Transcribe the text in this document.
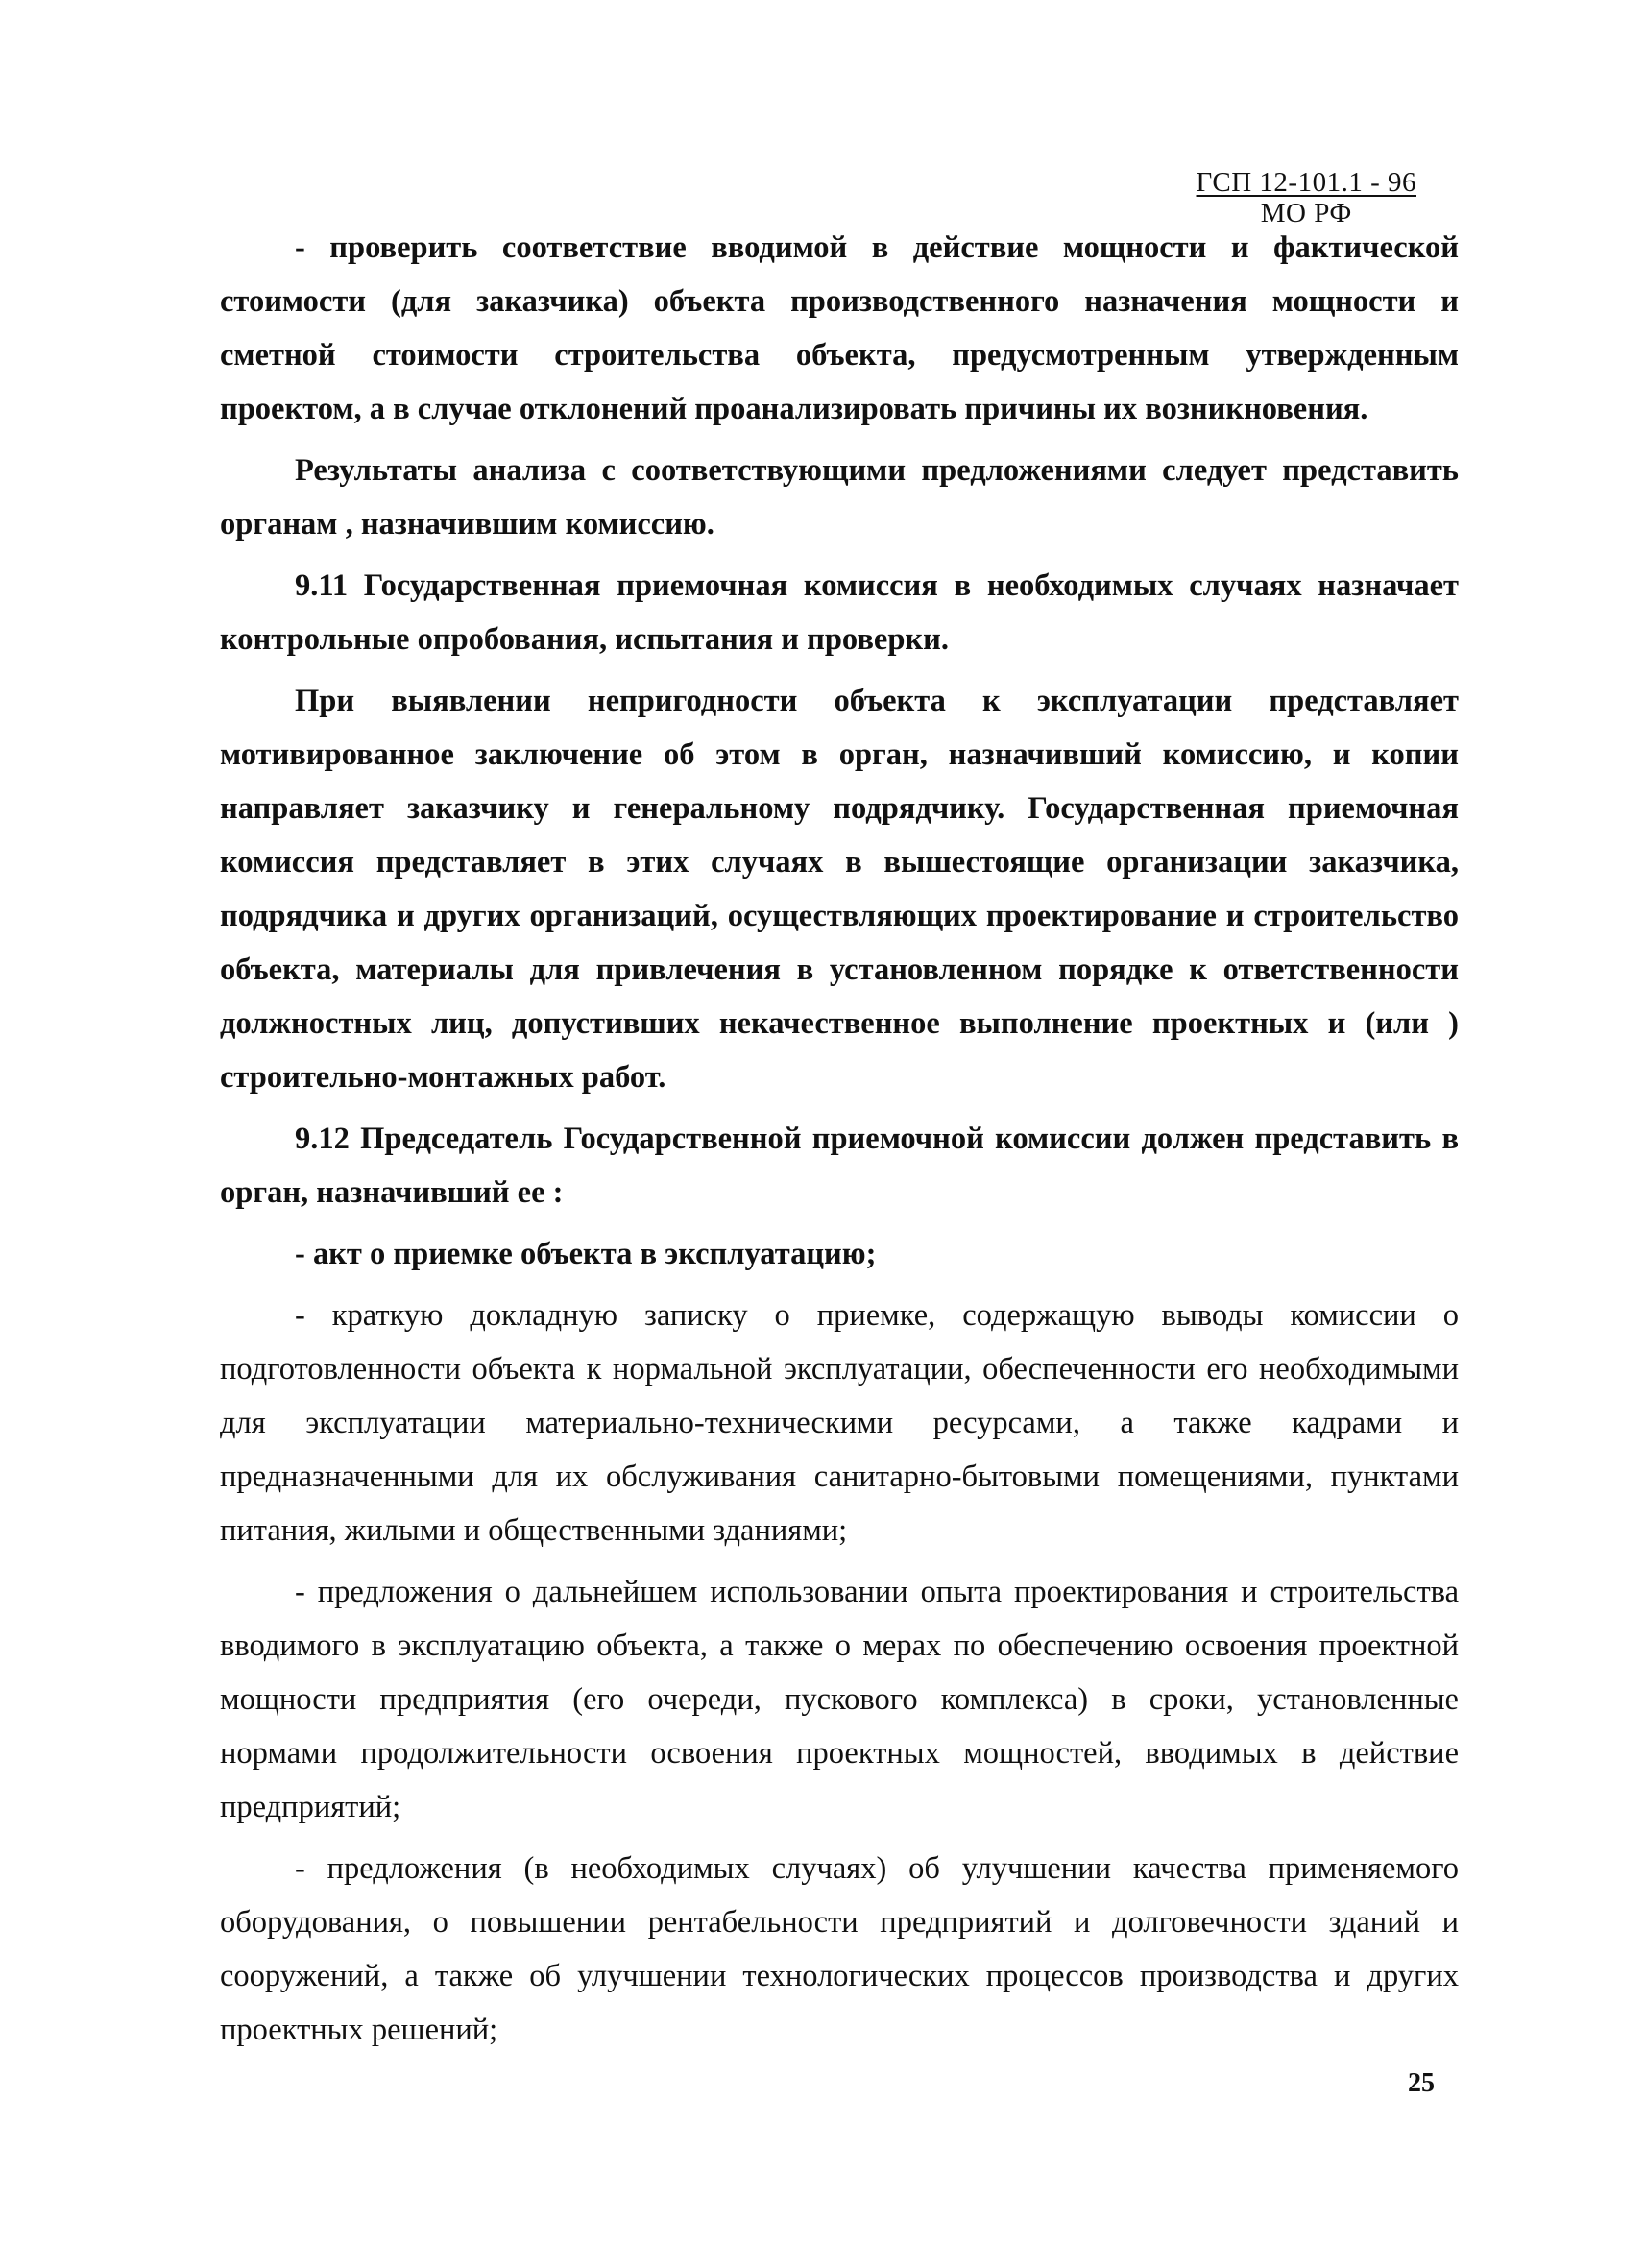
ГСП 12-101.1 - 96
МО РФ

- проверить соответствие вводимой в действие мощности и фактической стоимости (для заказчика) объекта производственного назначения мощности и сметной стоимости строительства объекта, предусмотренным утвержденным проектом, а в случае отклонений проанализировать причины их возникновения.

Результаты анализа с соответствующими предложениями следует представить органам , назначившим комиссию.

9.11 Государственная приемочная комиссия в необходимых случаях назначает контрольные опробования, испытания и проверки.

При выявлении непригодности объекта к эксплуатации представляет мотивированное заключение об этом в орган, назначивший комиссию, и копии направляет заказчику и генеральному подрядчику. Государственная приемочная комиссия представляет в этих случаях в вышестоящие организации заказчика, подрядчика и других организаций, осуществляющих проектирование и строительство объекта, материалы для привлечения в установленном порядке к ответственности должностных лиц, допустивших некачественное выполнение проектных и (или ) строительно-монтажных работ.

9.12 Председатель Государственной приемочной комиссии должен представить в орган, назначивший ее :

- акт о приемке объекта в эксплуатацию;

- краткую докладную записку о приемке, содержащую выводы комиссии о подготовленности объекта к нормальной эксплуатации, обеспеченности его необходимыми для эксплуатации материально-техническими ресурсами, а также кадрами и предназначенными для их обслуживания санитарно-бытовыми помещениями, пунктами питания, жилыми и общественными зданиями;

- предложения о дальнейшем использовании опыта проектирования и строительства вводимого в эксплуатацию объекта, а также о мерах по обеспечению освоения проектной мощности предприятия (его очереди, пускового комплекса) в сроки, установленные нормами продолжительности освоения проектных мощностей, вводимых в действие предприятий;

- предложения (в необходимых случаях) об улучшении качества применяемого оборудования, о повышении рентабельности предприятий и долговечности зданий и сооружений, а также об улучшении технологических процессов производства и других проектных решений;

25
